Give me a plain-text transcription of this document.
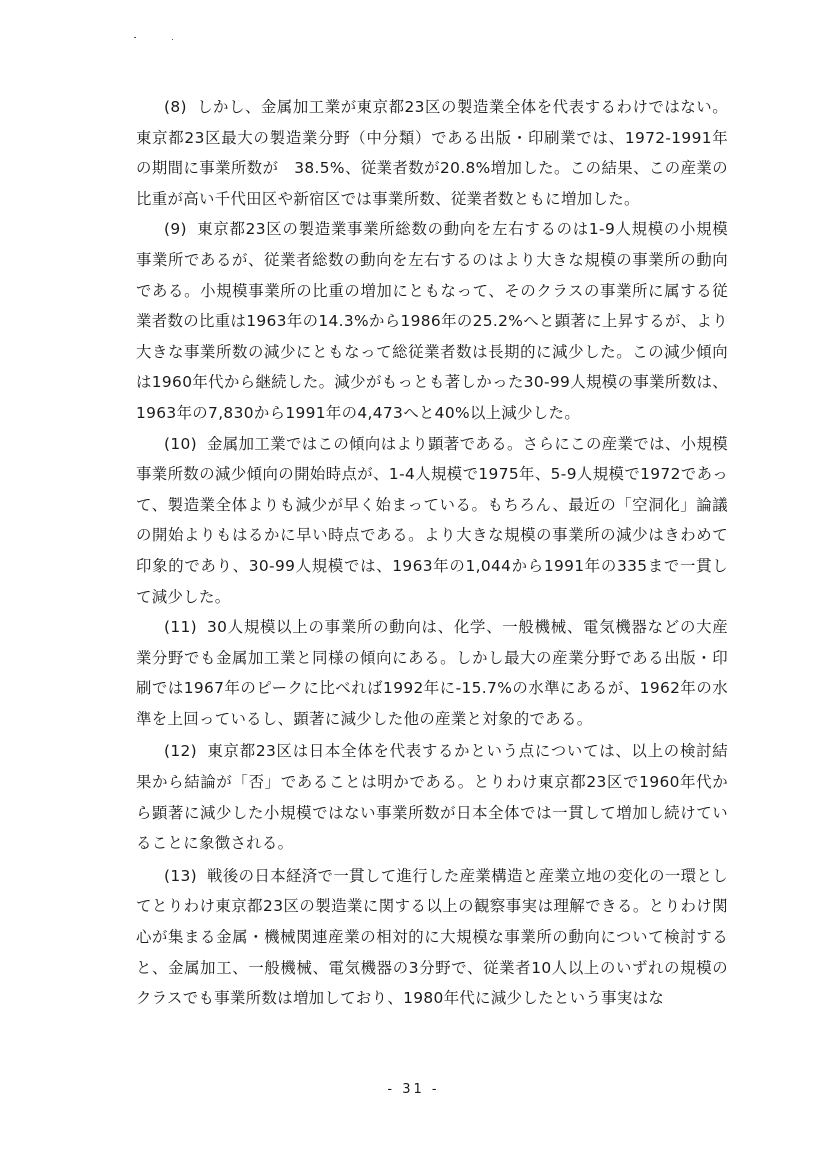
(8) しかし、金属加工業が東京都23区の製造業全体を代表するわけではない。東京都23区最大の製造業分野（中分類）である出版・印刷業では、1972-1991年の期間に事業所数が　38.5%、従業者数が20.8%増加した。この結果、この産業の比重が高い千代田区や新宿区では事業所数、従業者数ともに増加した。

(9) 東京都23区の製造業事業所総数の動向を左右するのは1-9人規模の小規模事業所であるが、従業者総数の動向を左右するのはより大きな規模の事業所の動向である。小規模事業所の比重の増加にともなって、そのクラスの事業所に属する従業者数の比重は1963年の14.3%から1986年の25.2%へと顕著に上昇するが、より大きな事業所数の減少にともなって総従業者数は長期的に減少した。この減少傾向は1960年代から継続した。減少がもっとも著しかった30-99人規模の事業所数は、1963年の7,830から1991年の4,473へと40%以上減少した。

(10) 金属加工業ではこの傾向はより顕著である。さらにこの産業では、小規模事業所数の減少傾向の開始時点が、1-4人規模で1975年、5-9人規模で1972であって、製造業全体よりも減少が早く始まっている。もちろん、最近の「空洞化」論議の開始よりもはるかに早い時点である。より大きな規模の事業所の減少はきわめて印象的であり、30-99人規模では、1963年の1,044から1991年の335まで一貫して減少した。

(11) 30人規模以上の事業所の動向は、化学、一般機械、電気機器などの大産業分野でも金属加工業と同様の傾向にある。しかし最大の産業分野である出版・印刷では1967年のピークに比べれば1992年に-15.7%の水準にあるが、1962年の水準を上回っているし、顕著に減少した他の産業と対象的である。

(12) 東京都23区は日本全体を代表するかという点については、以上の検討結果から結論が「否」であることは明かである。とりわけ東京都23区で1960年代から顕著に減少した小規模ではない事業所数が日本全体では一貫して増加し続けていることに象徴される。

(13) 戦後の日本経済で一貫して進行した産業構造と産業立地の変化の一環としてとりわけ東京都23区の製造業に関する以上の観察事実は理解できる。とりわけ関心が集まる金属・機械関連産業の相対的に大規模な事業所の動向について検討すると、金属加工、一般機械、電気機器の3分野で、従業者10人以上のいずれの規模のクラスでも事業所数は増加しており、1980年代に減少したという事実はな

- 31 -
